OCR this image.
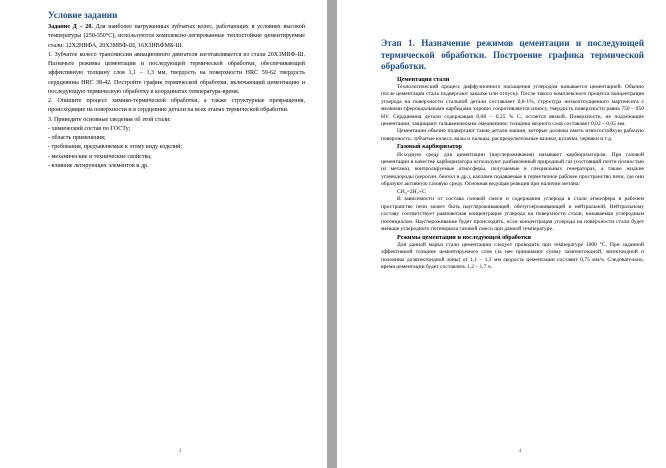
Условие задании

Задание Д – 20. Для наиболее нагруженных зубчатых колес, работающих в условиях высокой температуры (250-350°С), используются комплексно-легированные теплостойкие цементируемые стали: 12Х2НВФА, 20Х3МВФ-Ш, 16Х3НВФМБ-Ш.

1. Зубчатое колесо трансмиссии авиационного двигателя изготавливается из стали 20Х3МВФ-Ш. Назначьте режимы цементации и последующей термической обработки, обеспечивающей эффективную толщину слоя 1,1 – 1,3 мм, твердость на поверхности HRC 59-62 твердость сердцевины HRC 38-42. Постройте график термической обработки, включающий цементацию и последующую термическую обработку в координатах температура-время.

2. Опишите процесс химико-термической обработки, а также структурные превращения, происходящие на поверхности и в сердцевине детали на всех этапах термической обработки.

3. Приведите основные сведения об этой стали:

- химический состав по ГОСТу;

- область применения;

- требования, предъявляемые к этому виду изделий;

- механические и технические свойства;

- влияние легирующих элементов и др.

3
Этап 1. Назначение режимов цементации и последующей термической обработки. Построение графика термической обработки.

Цементация стали

Технологический процесс диффузионного насыщения углеродом называется цементацией. Обычно после цементации сталь подвергают закалке или отпуску. После такого комплексного процесса концентрация углерода на поверхности стальной детали составляет 0,8-1%, структура низкоотпущенного мартенсита с мелкими сфероидальными карбидами хорошо сопротивляется износу, твердость поверхности равна 750 – 950 HV. Сердцевина детали содержащая 0,08 – 0,25 % С, остается вязкой. Поверхности, не подлежащие цементации, защищают гальваническим омеднением; толщина медного слоя составляет 0,02 – 0,05 мм.

Цементации обычно подвергают такие детали машин, которые должны иметь износостойкую рабочую поверхность: зубчатые колеса, валы и пальцы, распределительные валики, кулачки, червяки и т.д.

Газовый карбюризатор

Исходную среду для цементации (науглероживания) называют карбюризатором. При газовой цементации в качестве карбюризатора используют разбавленный природный газ (состоящий почти полностью из метана), контролируемые атмосферы, получаемые в специальных генераторах, а также жидкие углеводороды (керосин, бензол и др.), каплями подаваемые в герметичное рабочее пространство печи, где они образуют активную газовую среду. Основная ведущая реакция при наличии метана:

СН₄=2Н₂+С

В зависимости от состава газовой смеси и содержания углерода в стали атмосфера в рабочем пространстве печи может быть науглероживающей, обезуглероживающей и нейтральной. Нейтральному составу соответствует равновесная концентрация углерода на поверхности стали, называемая углеродным потенциалом. Науглероживание будет происходить, если концентрация углерода на поверхности стали будет меньше углеродного потенциала газовой смеси при данной температуре.

Режимы цементации и последующей обработки

Для данной марки стали цементацию следует проводить при температуре 1000 °С. При заданной эффективной толщине цементируемого слоя (за нее принимают сумму заэвтектоидной, эвтектоидной и половины доэвтектоидной зоны) от 1,1 – 1,3 мм скорость цементации составит 0,75 мм/ч. Следовательно, время цементации будет составлять 1,2 – 1,7 ч.

4
